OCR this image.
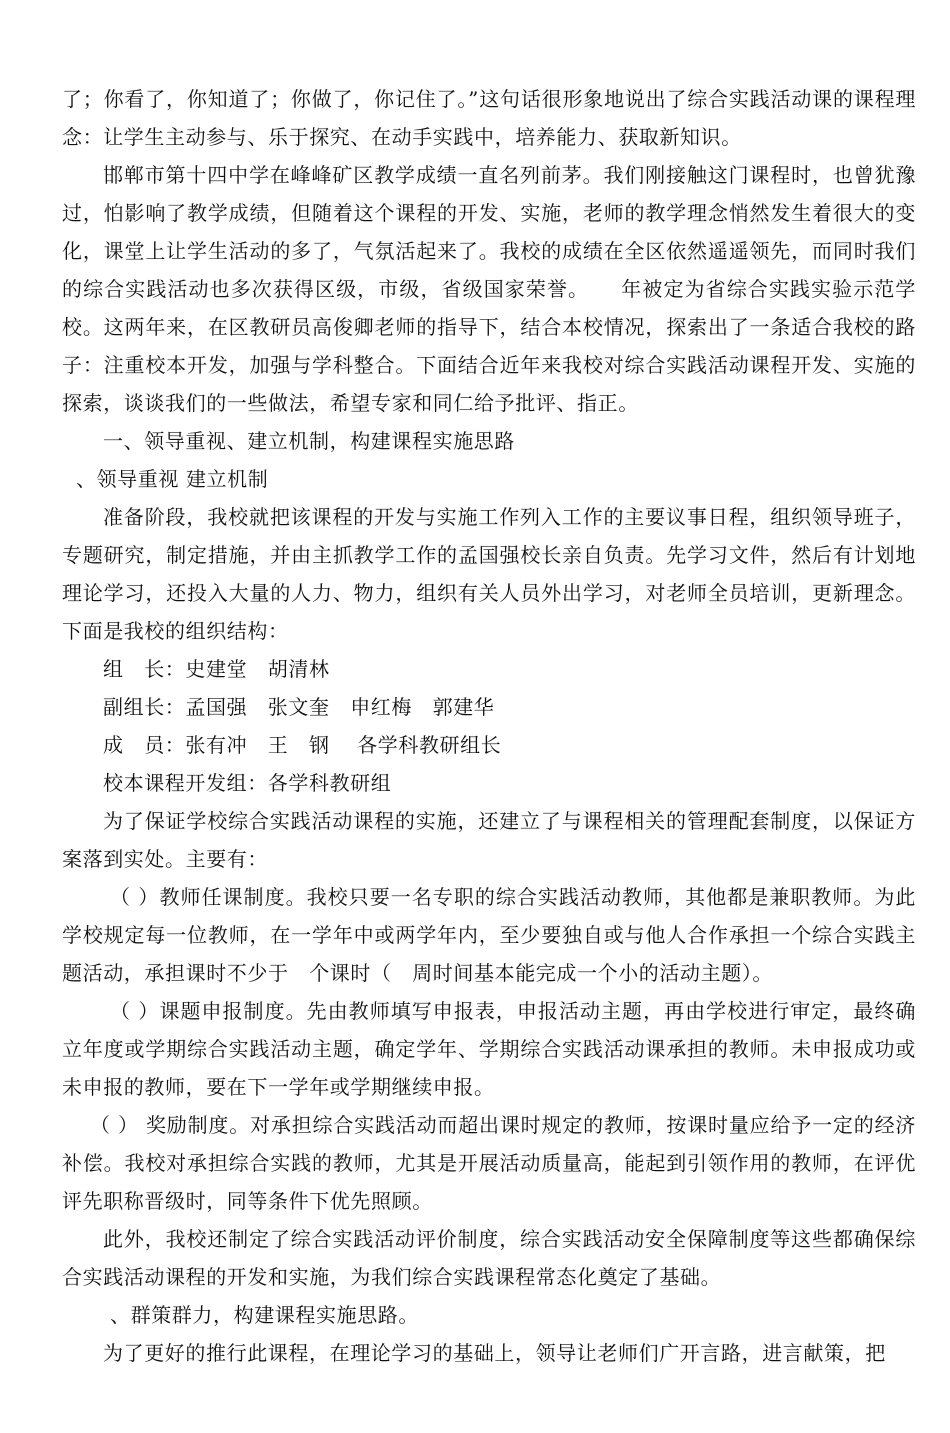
了；你看了，你知道了；你做了，你记住了。”这句话很形象地说出了综合实践活动课的课程理念：让学生主动参与、乐于探究、在动手实践中，培养能力、获取新知识。

邯郸市第十四中学在峰峰矿区教学成绩一直名列前茅。我们刚接触这门课程时，也曾犹豫过，怕影响了教学成绩，但随着这个课程的开发、实施，老师的教学理念悄然发生着很大的变化，课堂上让学生活动的多了，气氛活起来了。我校的成绩在全区依然遥遥领先，而同时我们的综合实践活动也多次获得区级，市级，省级国家荣誉。　　年被定为省综合实践实验示范学校。这两年来，在区教研员高俊卿老师的指导下，结合本校情况，探索出了一条适合我校的路子：注重校本开发，加强与学科整合。下面结合近年来我校对综合实践活动课程开发、实施的探索，谈谈我们的一些做法，希望专家和同仁给予批评、指正。

一、领导重视、建立机制，构建课程实施思路

、领导重视 建立机制

准备阶段，我校就把该课程的开发与实施工作列入工作的主要议事日程，组织领导班子，专题研究，制定措施，并由主抓教学工作的孟国强校长亲自负责。先学习文件，然后有计划地理论学习，还投入大量的人力、物力，组织有关人员外出学习，对老师全员培训，更新理念。下面是我校的组织结构：

组　长：史建堂　胡清林

副组长：孟国强　张文奎　申红梅　郭建华

成　员：张有冲　王　钢　 各学科教研组长

校本课程开发组：各学科教研组

为了保证学校综合实践活动课程的实施，还建立了与课程相关的管理配套制度，以保证方案落到实处。主要有：

（ ）教师任课制度。我校只要一名专职的综合实践活动教师，其他都是兼职教师。为此学校规定每一位教师，在一学年中或两学年内，至少要独自或与他人合作承担一个综合实践主题活动，承担课时不少于　个课时（　周时间基本能完成一个小的活动主题）。

（ ）课题申报制度。先由教师填写申报表，申报活动主题，再由学校进行审定，最终确立年度或学期综合实践活动主题，确定学年、学期综合实践活动课承担的教师。未申报成功或未申报的教师，要在下一学年或学期继续申报。

（ ） 奖励制度。对承担综合实践活动而超出课时规定的教师，按课时量应给予一定的经济补偿。我校对承担综合实践的教师，尤其是开展活动质量高，能起到引领作用的教师，在评优评先职称晋级时，同等条件下优先照顾。

此外，我校还制定了综合实践活动评价制度，综合实践活动安全保障制度等这些都确保综合实践活动课程的开发和实施，为我们综合实践课程常态化奠定了基础。

、群策群力，构建课程实施思路。

为了更好的推行此课程，在理论学习的基础上，领导让老师们广开言路，进言献策，把
